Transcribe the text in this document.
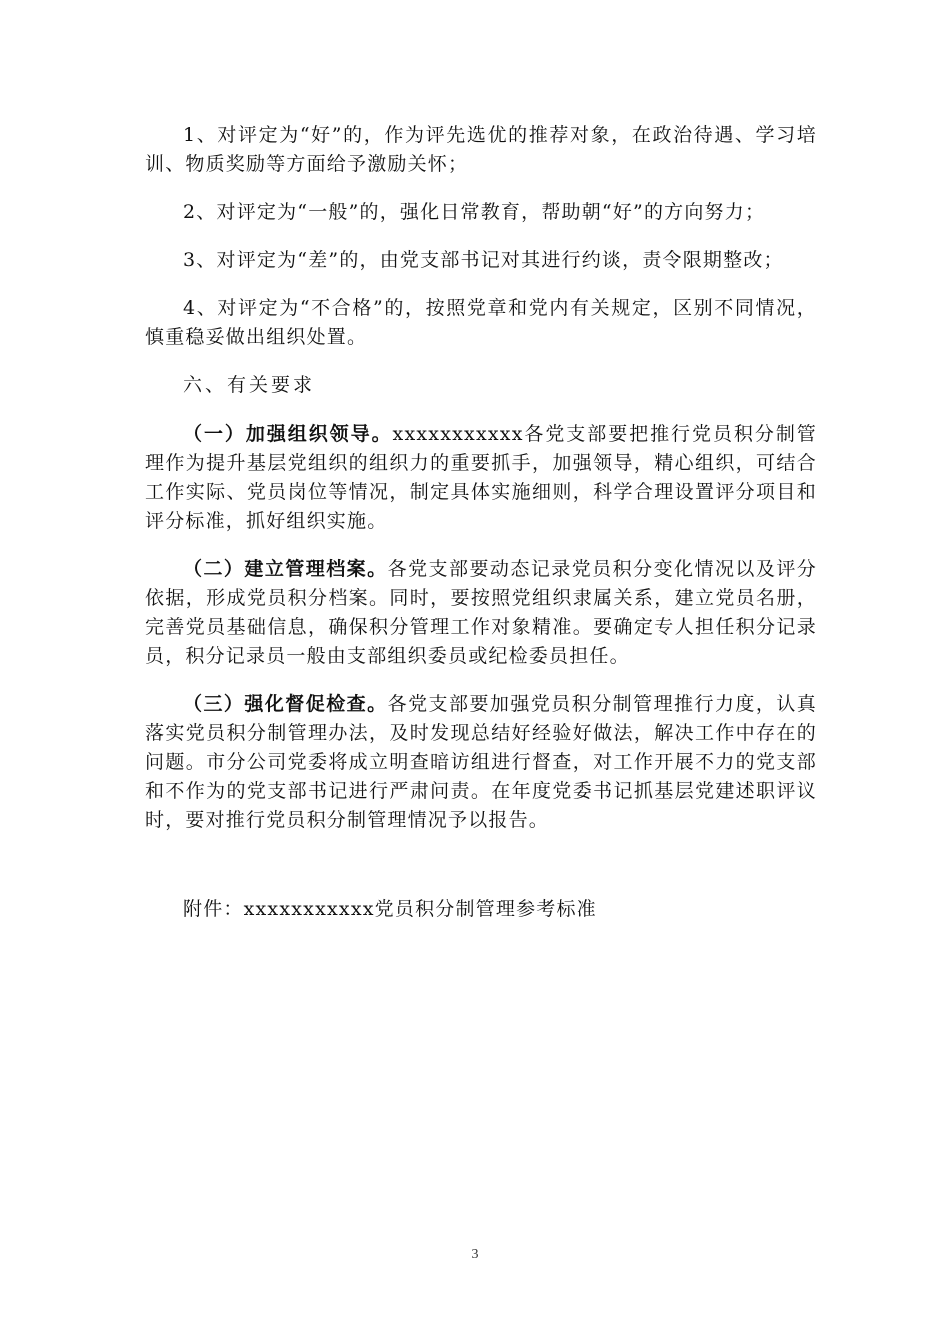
1、对评定为“好”的，作为评先选优的推荐对象，在政治待遇、学习培训、物质奖励等方面给予激励关怀；

2、对评定为“一般”的，强化日常教育，帮助朝“好”的方向努力；

3、对评定为“差”的，由党支部书记对其进行约谈，责令限期整改；

4、对评定为“不合格”的，按照党章和党内有关规定，区别不同情况，慎重稳妥做出组织处置。

六、有关要求

（一）加强组织领导。xxxxxxxxxxx各党支部要把推行党员积分制管理作为提升基层党组织的组织力的重要抓手，加强领导，精心组织，可结合工作实际、党员岗位等情况，制定具体实施细则，科学合理设置评分项目和评分标准，抓好组织实施。

（二）建立管理档案。各党支部要动态记录党员积分变化情况以及评分依据，形成党员积分档案。同时，要按照党组织隶属关系，建立党员名册，完善党员基础信息，确保积分管理工作对象精准。要确定专人担任积分记录员，积分记录员一般由支部组织委员或纪检委员担任。

（三）强化督促检查。各党支部要加强党员积分制管理推行力度，认真落实党员积分制管理办法，及时发现总结好经验好做法，解决工作中存在的问题。市分公司党委将成立明查暗访组进行督查，对工作开展不力的党支部和不作为的党支部书记进行严肃问责。在年度党委书记抓基层党建述职评议时，要对推行党员积分制管理情况予以报告。

附件：xxxxxxxxxxx党员积分制管理参考标准

3
